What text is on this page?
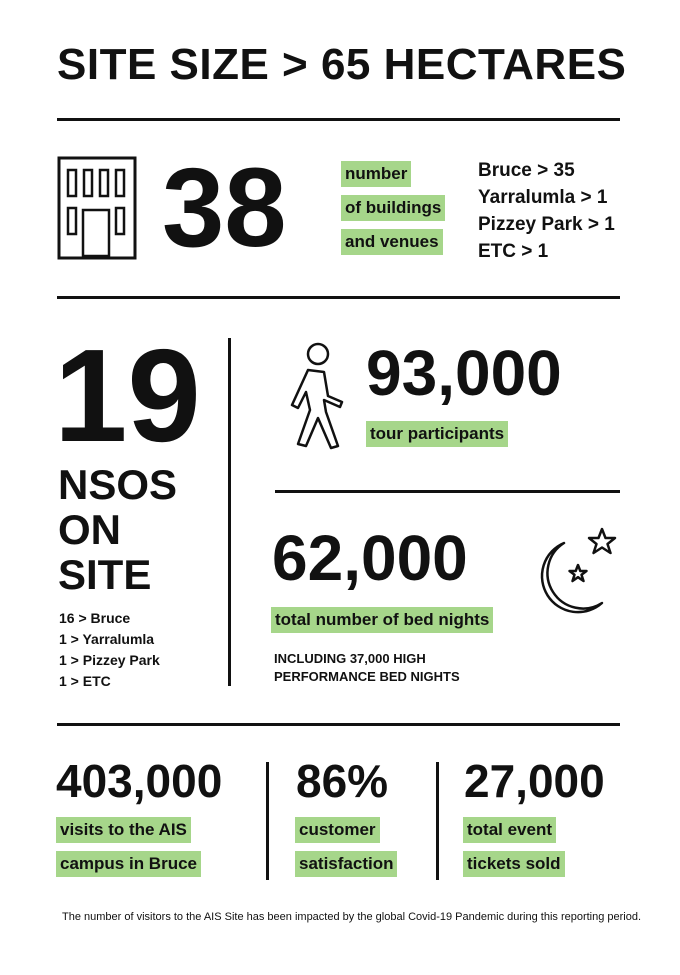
SITE SIZE > 65 HECTARES
38	number
of buildings
and venues
Bruce > 35
Yarralumla > 1
Pizzey Park > 1
ETC > 1
19
NSOS
ON
SITE
16 > Bruce
1 > Yarralumla
1 > Pizzey Park
1 > ETC
93,000
tour participants
62,000
total number of bed nights
INCLUDING 37,000 HIGH
PERFORMANCE BED NIGHTS
403,000
visits to the AIS
campus in Bruce
86%
customer
satisfaction
27,000
total event
tickets sold
The number of visitors to the AIS Site has been impacted by the global Covid-19 Pandemic during this reporting period.
